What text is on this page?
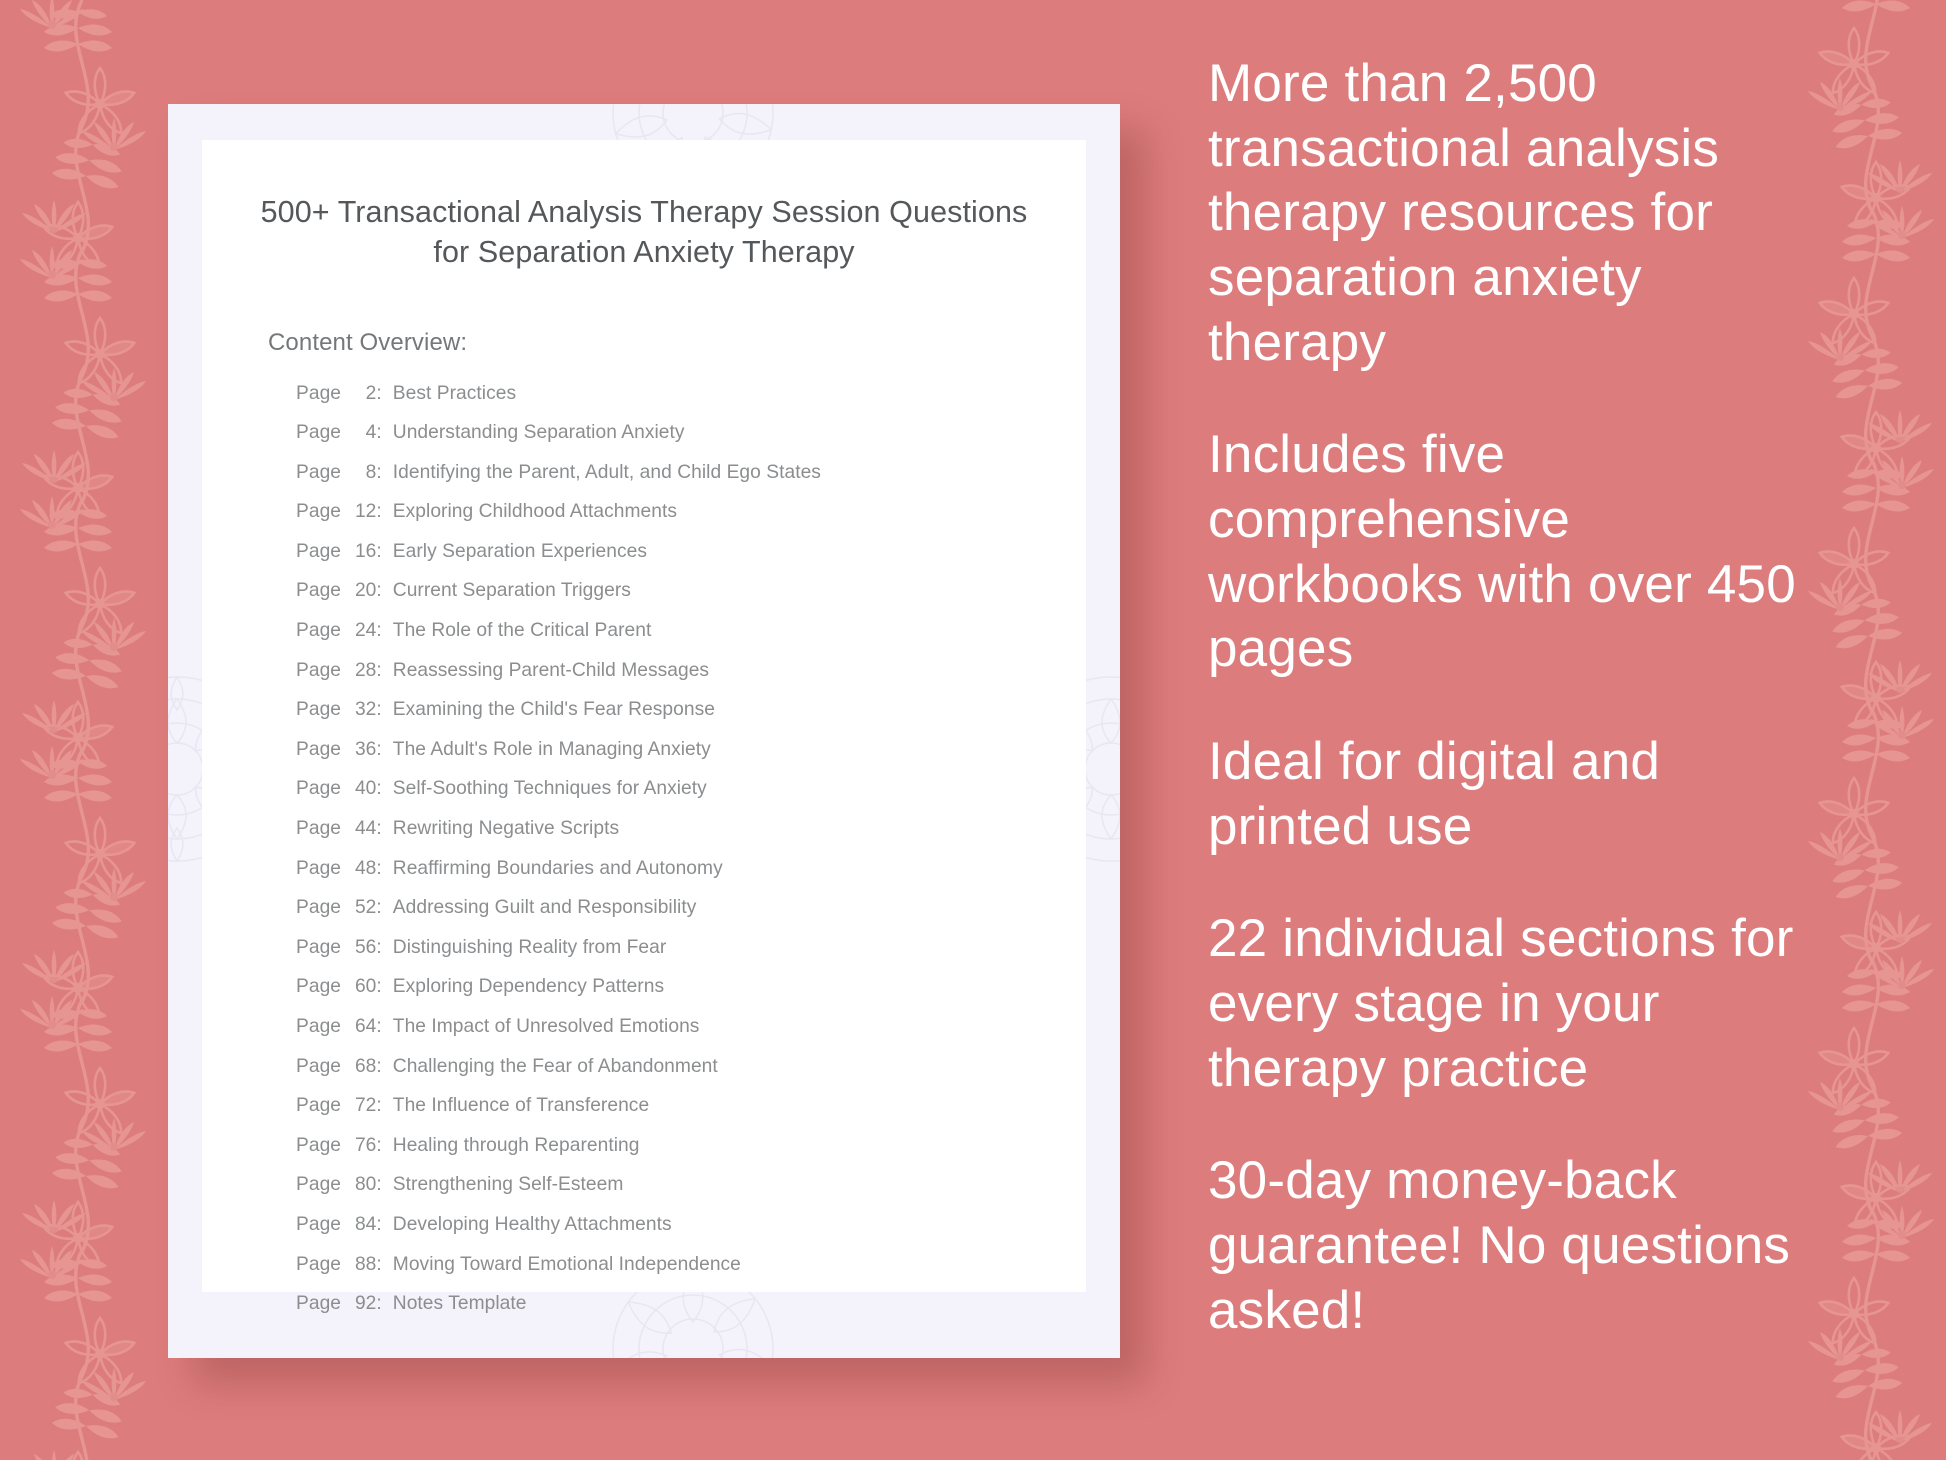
500+ Transactional Analysis Therapy Session Questions for Separation Anxiety Therapy
Content Overview:
Page	2 : Best Practices
Page	4 : Understanding Separation Anxiety
Page	8 : Identifying the Parent, Adult, and Child Ego States
Page 12 : Exploring Childhood Attachments
Page 16 : Early Separation Experiences
Page 20 : Current Separation Triggers
Page 24 : The Role of the Critical Parent
Page 28 : Reassessing Parent-Child Messages
Page 32 : Examining the Child's Fear Response
Page 36 : The Adult's Role in Managing Anxiety
Page 40 : Self-Soothing Techniques for Anxiety
Page 44 : Rewriting Negative Scripts
Page 48 : Reaffirming Boundaries and Autonomy
Page 52 : Addressing Guilt and Responsibility
Page 56 : Distinguishing Reality from Fear
Page 60 : Exploring Dependency Patterns
Page 64 : The Impact of Unresolved Emotions
Page 68 : Challenging the Fear of Abandonment
Page 72 : The Influence of Transference
Page 76 : Healing through Reparenting
Page 80 : Strengthening Self-Esteem
Page 84 : Developing Healthy Attachments
Page 88 : Moving Toward Emotional Independence
Page 92 : Notes Template
More than 2,500 transactional analysis therapy resources for separation anxiety therapy
Includes five comprehensive workbooks with over 450 pages
Ideal for digital and printed use
22 individual sections for every stage in your therapy practice
30-day money-back guarantee! No questions asked!
